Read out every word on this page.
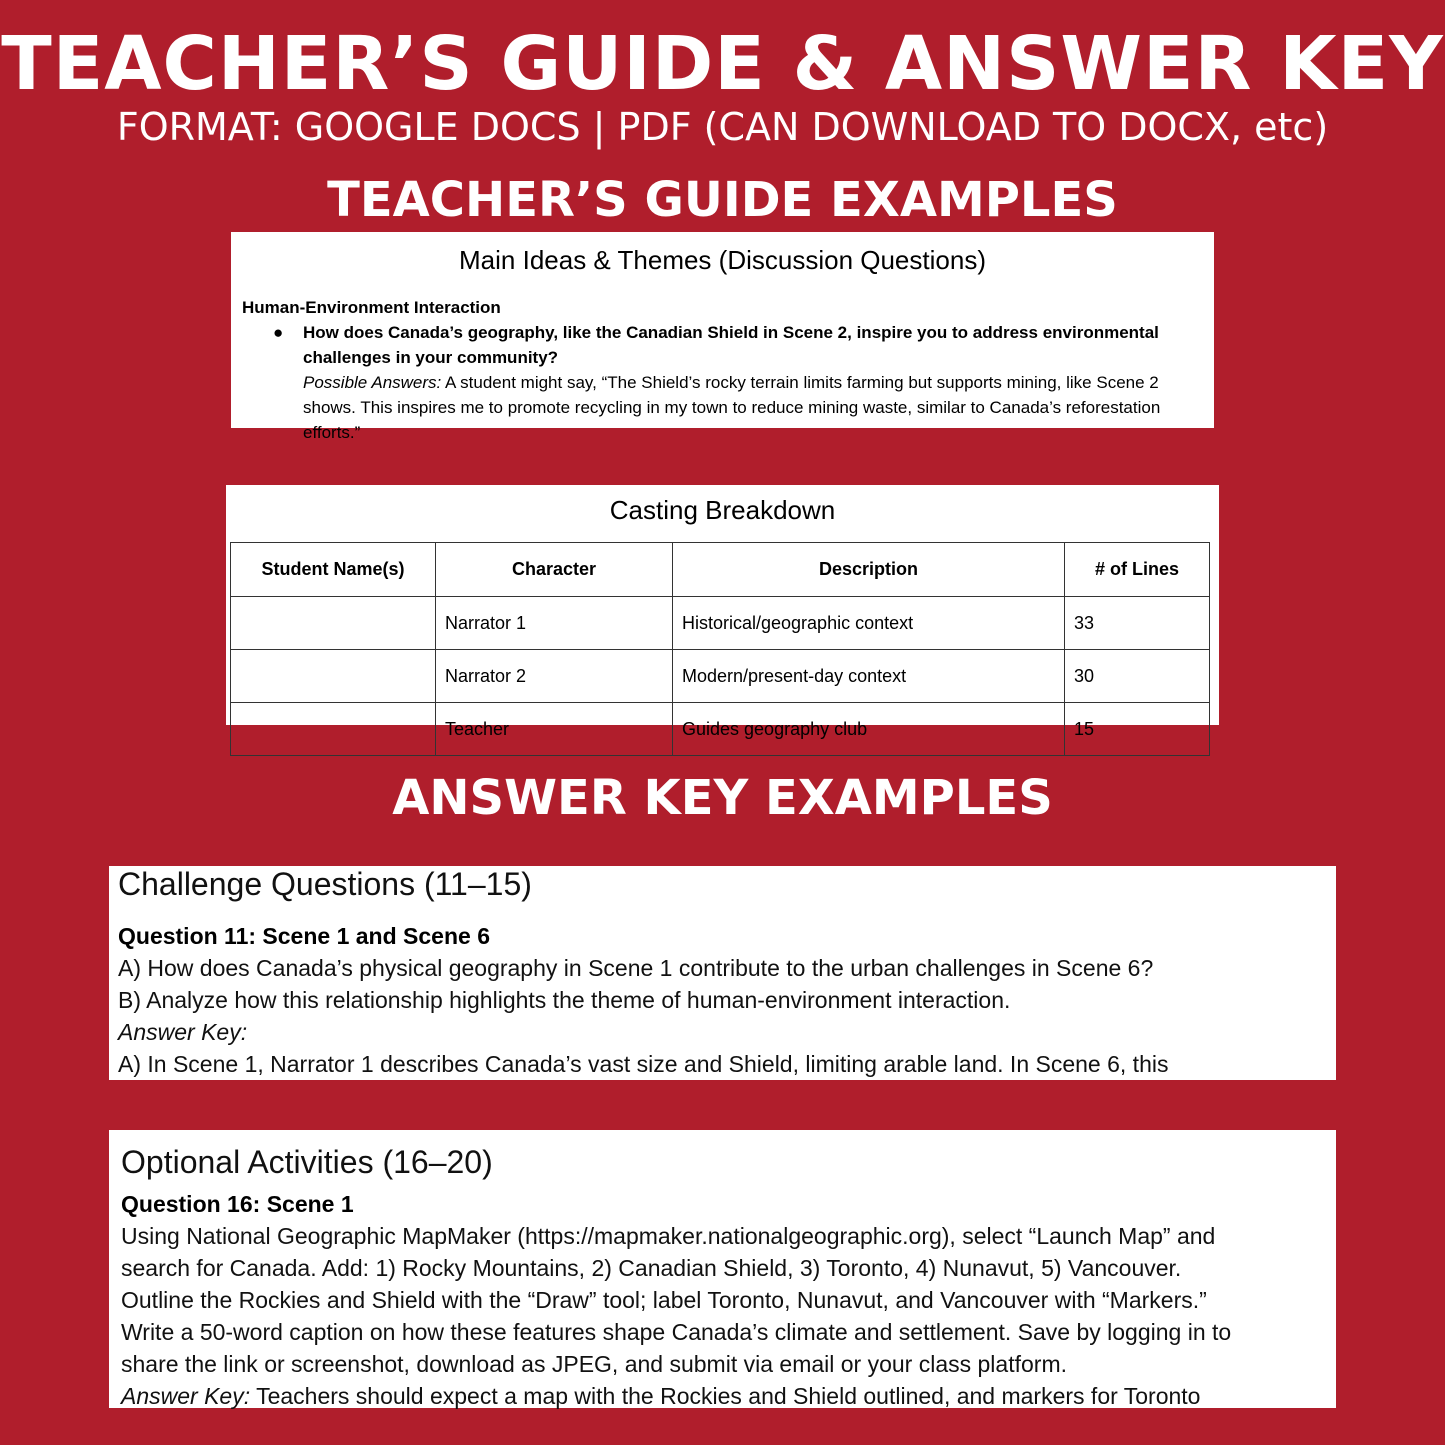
TEACHER’S GUIDE & ANSWER KEY
FORMAT: GOOGLE DOCS | PDF (CAN DOWNLOAD TO DOCX, etc)
TEACHER’S GUIDE EXAMPLES
Main Ideas & Themes (Discussion Questions)
Human-Environment Interaction
● How does Canada’s geography, like the Canadian Shield in Scene 2, inspire you to address environmental challenges in your community?
Possible Answers: A student might say, “The Shield’s rocky terrain limits farming but supports mining, like Scene 2 shows. This inspires me to promote recycling in my town to reduce mining waste, similar to Canada’s reforestation efforts.”
Casting Breakdown
Student Name(s)	Character	Description	# of Lines
	Narrator 1	Historical/geographic context	33
	Narrator 2	Modern/present-day context	30
	Teacher	Guides geography club	15
ANSWER KEY EXAMPLES
Challenge Questions (11–15)
Question 11: Scene 1 and Scene 6
A) How does Canada’s physical geography in Scene 1 contribute to the urban challenges in Scene 6?
B) Analyze how this relationship highlights the theme of human-environment interaction.
Answer Key:
A) In Scene 1, Narrator 1 describes Canada’s vast size and Shield, limiting arable land. In Scene 6, this
Optional Activities (16–20)
Question 16: Scene 1
Using National Geographic MapMaker (https://mapmaker.nationalgeographic.org), select “Launch Map” and
search for Canada. Add: 1) Rocky Mountains, 2) Canadian Shield, 3) Toronto, 4) Nunavut, 5) Vancouver.
Outline the Rockies and Shield with the “Draw” tool; label Toronto, Nunavut, and Vancouver with “Markers.”
Write a 50-word caption on how these features shape Canada’s climate and settlement. Save by logging in to
share the link or screenshot, download as JPEG, and submit via email or your class platform.
Answer Key: Teachers should expect a map with the Rockies and Shield outlined, and markers for Toronto
